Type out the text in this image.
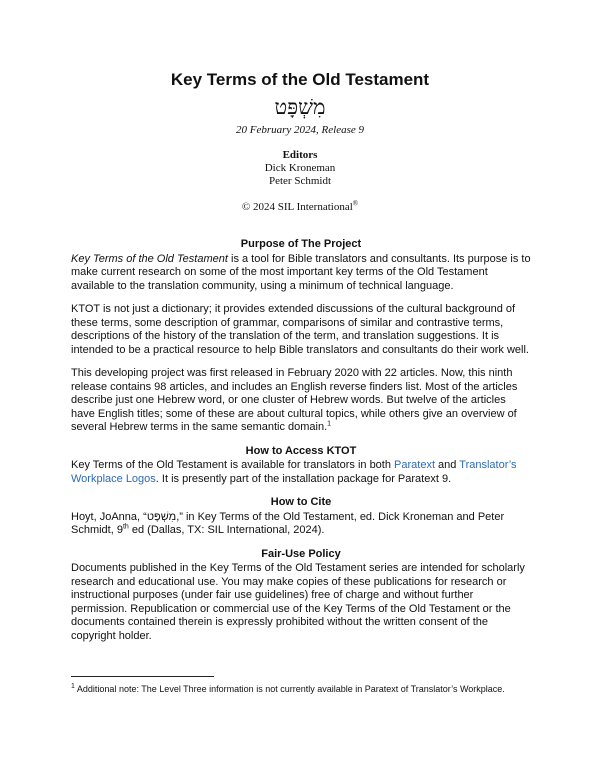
Key Terms of the Old Testament
מִשְׁפָּט
20 February 2024, Release 9
Editors
Dick Kroneman
Peter Schmidt
© 2024 SIL International®
Purpose of The Project

Key Terms of the Old Testament is a tool for Bible translators and consultants. Its purpose is to make current research on some of the most important key terms of the Old Testament available to the translation community, using a minimum of technical language.

KTOT is not just a dictionary; it provides extended discussions of the cultural background of these terms, some description of grammar, comparisons of similar and contrastive terms, descriptions of the history of the translation of the term, and translation suggestions. It is intended to be a practical resource to help Bible translators and consultants do their work well.

This developing project was first released in February 2020 with 22 articles. Now, this ninth release contains 98 articles, and includes an English reverse finders list. Most of the articles describe just one Hebrew word, or one cluster of Hebrew words. But twelve of the articles have English titles; some of these are about cultural topics, while others give an overview of several Hebrew terms in the same semantic domain.$^1$

How to Access KTOT

Key Terms of the Old Testament is available for translators in both Paratext and Translator’s Workplace Logos. It is presently part of the installation package for Paratext 9.

How to Cite

Hoyt, JoAnna, “מִשְׁפָּט,” in Key Terms of the Old Testament, ed. Dick Kroneman and Peter Schmidt, 9th ed (Dallas, TX: SIL International, 2024).

Fair-Use Policy

Documents published in the Key Terms of the Old Testament series are intended for scholarly research and educational use. You may make copies of these publications for research or instructional purposes (under fair use guidelines) free of charge and without further permission. Republication or commercial use of the Key Terms of the Old Testament or the documents contained therein is expressly prohibited without the written consent of the copyright holder.

$^1$ Additional note: The Level Three information is not currently available in Paratext of Translator’s Workplace.
